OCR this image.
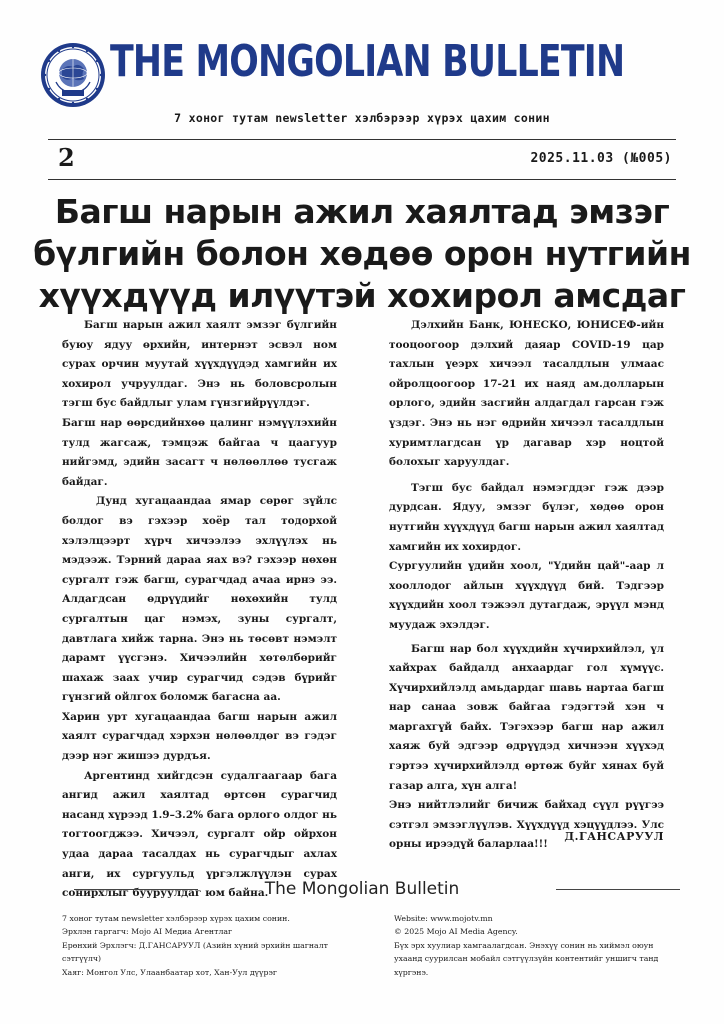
THE MONGOLIAN BULLETIN
7 хоног тутам newsletter хэлбэрээр хүрэх цахим сонин
2	2025.11.03 (№005)
Багш нарын ажил хаялтад эмзэг бүлгийн болон хөдөө орон нутгийн хүүхдүүд илүүтэй хохирол амсдаг

Багш нарын ажил хаялт эмзэг бүлгийн буюу ядуу өрхийн, интернэт эсвэл ном сурах орчин муутай хүүхдүүдэд хамгийн их хохирол учруулдаг. Энэ нь боловсролын тэгш бус байдлыг улам гүнзгийрүүлдэг.

Багш нар өөрсдийнхөө цалинг нэмүүлэхийн тулд жагсаж, тэмцэж байгаа ч цаагуур нийгэмд, эдийн засагт ч нөлөөллөө тусгаж байдаг.

Дунд хугацаандаа ямар сөрөг зүйлс болдог вэ гэхээр хоёр тал тодорхой хэлэлцээрт хүрч хичээлээ эхлүүлэх нь мэдээж. Тэрний дараа яах вэ? гэхээр нөхөн сургалт гэж багш, сурагчдад ачаа ирнэ ээ. Алдагдсан өдрүүдийг нөхөхийн тулд сургалтын цаг нэмэх, зуны сургалт, давтлага хийж тарна. Энэ нь төсөвт нэмэлт дарамт үүсгэнэ. Хичээлийн хөтөлбөрийг шахаж заах учир сурагчид сэдэв бүрийг гүнзгий ойлгох боломж багасна аа.

Харин урт хугацаандаа багш нарын ажил хаялт сурагчдад хэрхэн нөлөөлдөг вэ гэдэг дээр нэг жишээ дурдъя.

Аргентинд хийгдсэн судалгаагаар бага ангид ажил хаялтад өртсөн сурагчид насанд хүрээд 1.9–3.2% бага орлого олдог нь тогтоогджээ. Хичээл, сургалт ойр ойрхон удаа дараа тасалдах нь сурагчдыг ахлах анги, их сургуульд үргэлжлүүлэн сурах сонирхлыг бууруулдаг юм байна.

Дэлхийн Банк, ЮНЕСКО, ЮНИСЕФ-ийн тооцоогоор дэлхий даяар COVID-19 цар тахлын үеэрх хичээл тасалдлын улмаас ойролцоогоор 17-21 их наяд ам.долларын орлого, эдийн засгийн алдагдал гарсан гэж үздэг. Энэ нь нэг өдрийн хичээл тасалдлын хуримтлагдсан үр дагавар хэр ноцтой болохыг харуулдаг.

Тэгш бус байдал нэмэгддэг гэж дээр дурдсан. Ядуу, эмзэг бүлэг, хөдөө орон нутгийн хүүхдүүд багш нарын ажил хаялтад хамгийн их хохирдог.

Сургуулийн үдийн хоол, "Үдийн цай"-аар л хооллодог айлын хүүхдүүд бий. Тэдгээр хүүхдийн хоол тэжээл дутагдаж, эрүүл мэнд муудаж эхэлдэг.

Багш нар бол хүүхдийн хүчирхийлэл, үл хайхрах байдалд анхаардаг гол хүмүүс. Хүчирхийлэлд амьдардаг шавь нартаа багш нар санаа зовж байгаа гэдэгтэй хэн ч маргахгүй байх. Тэгэхээр багш нар ажил хаяж буй эдгээр өдрүүдэд хичнээн хүүхэд гэртээ хүчирхийлэлд өртөж буйг хянах буй газар алга, хүн алга!

Энэ нийтлэлийг бичиж байхад сүүл рүүгээ сэтгэл эмзэглүүлэв. Хүүхдүүд хэцүүдлээ. Улс орны ирээдүй баларлаа!!!

Д.ГАНСАРУУЛ
The Mongolian Bulletin

7 хоног тутам newsletter хэлбэрээр хүрэх цахим сонин.

Эрхлэн гаргагч: Mojo AI Медиа Агентлаг

Ерөнхий Эрхлэгч: Д.ГАНСАРУУЛ (Азийн хүний эрхийн шагналт сэтгүүлч)

Хаяг: Монгол Улс, Улаанбаатар хот, Хан-Уул дүүрэг

Website: www.mojotv.mn

© 2025 Mojo AI Media Agency.

Бүх эрх хуулиар хамгаалагдсан. Энэхүү сонин нь хиймэл оюун ухаанд суурилсан мобайл сэтгүүлзүйн контентийг уншигч танд хүргэнэ.
